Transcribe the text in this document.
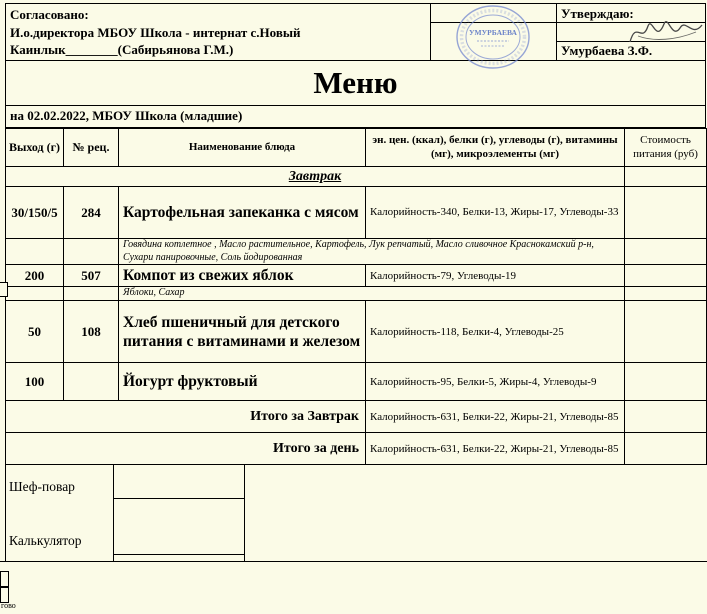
Согласовано:
И.о.директора МБОУ Школа - интернат с.Новый
Каинлык________(Сабирьянова Г.М.)
Утверждаю:
Умурбаева З.Ф.
УМУРБАЕВА
Меню
на 02.02.2022, МБОУ Школа (младшие)
Выход (г)	№ рец.	Наименование блюда	эн. цен. (ккал), белки (г), углеводы (г), витамины (мг), микроэлементы (мг)	Стоимость питания (руб)
Завтрак				
30/150/5	284	Картофельная запеканка с мясом	Калорийность-340, Белки-13, Жиры-17, Углеводы-33	
		Говядина котлетное , Масло растительное, Картофель, Лук репчатый, Масло сливочное Краснокамский р-н, Сухари панировочные, Соль йодированная		
200	507	Компот из свежих яблок	Калорийность-79, Углеводы-19	
		Яблоки, Сахар		
50	108	Хлеб пшеничный для детского питания с витаминами и железом	Калорийность-118, Белки-4, Углеводы-25	
100		Йогурт фруктовый	Калорийность-95, Белки-5, Жиры-4, Углеводы-9	
Итого за Завтрак			Калорийность-631, Белки-22, Жиры-21, Углеводы-85	
Итого за день			Калорийность-631, Белки-22, Жиры-21, Углеводы-85	
Шеф-повар
Калькулятор
гово
